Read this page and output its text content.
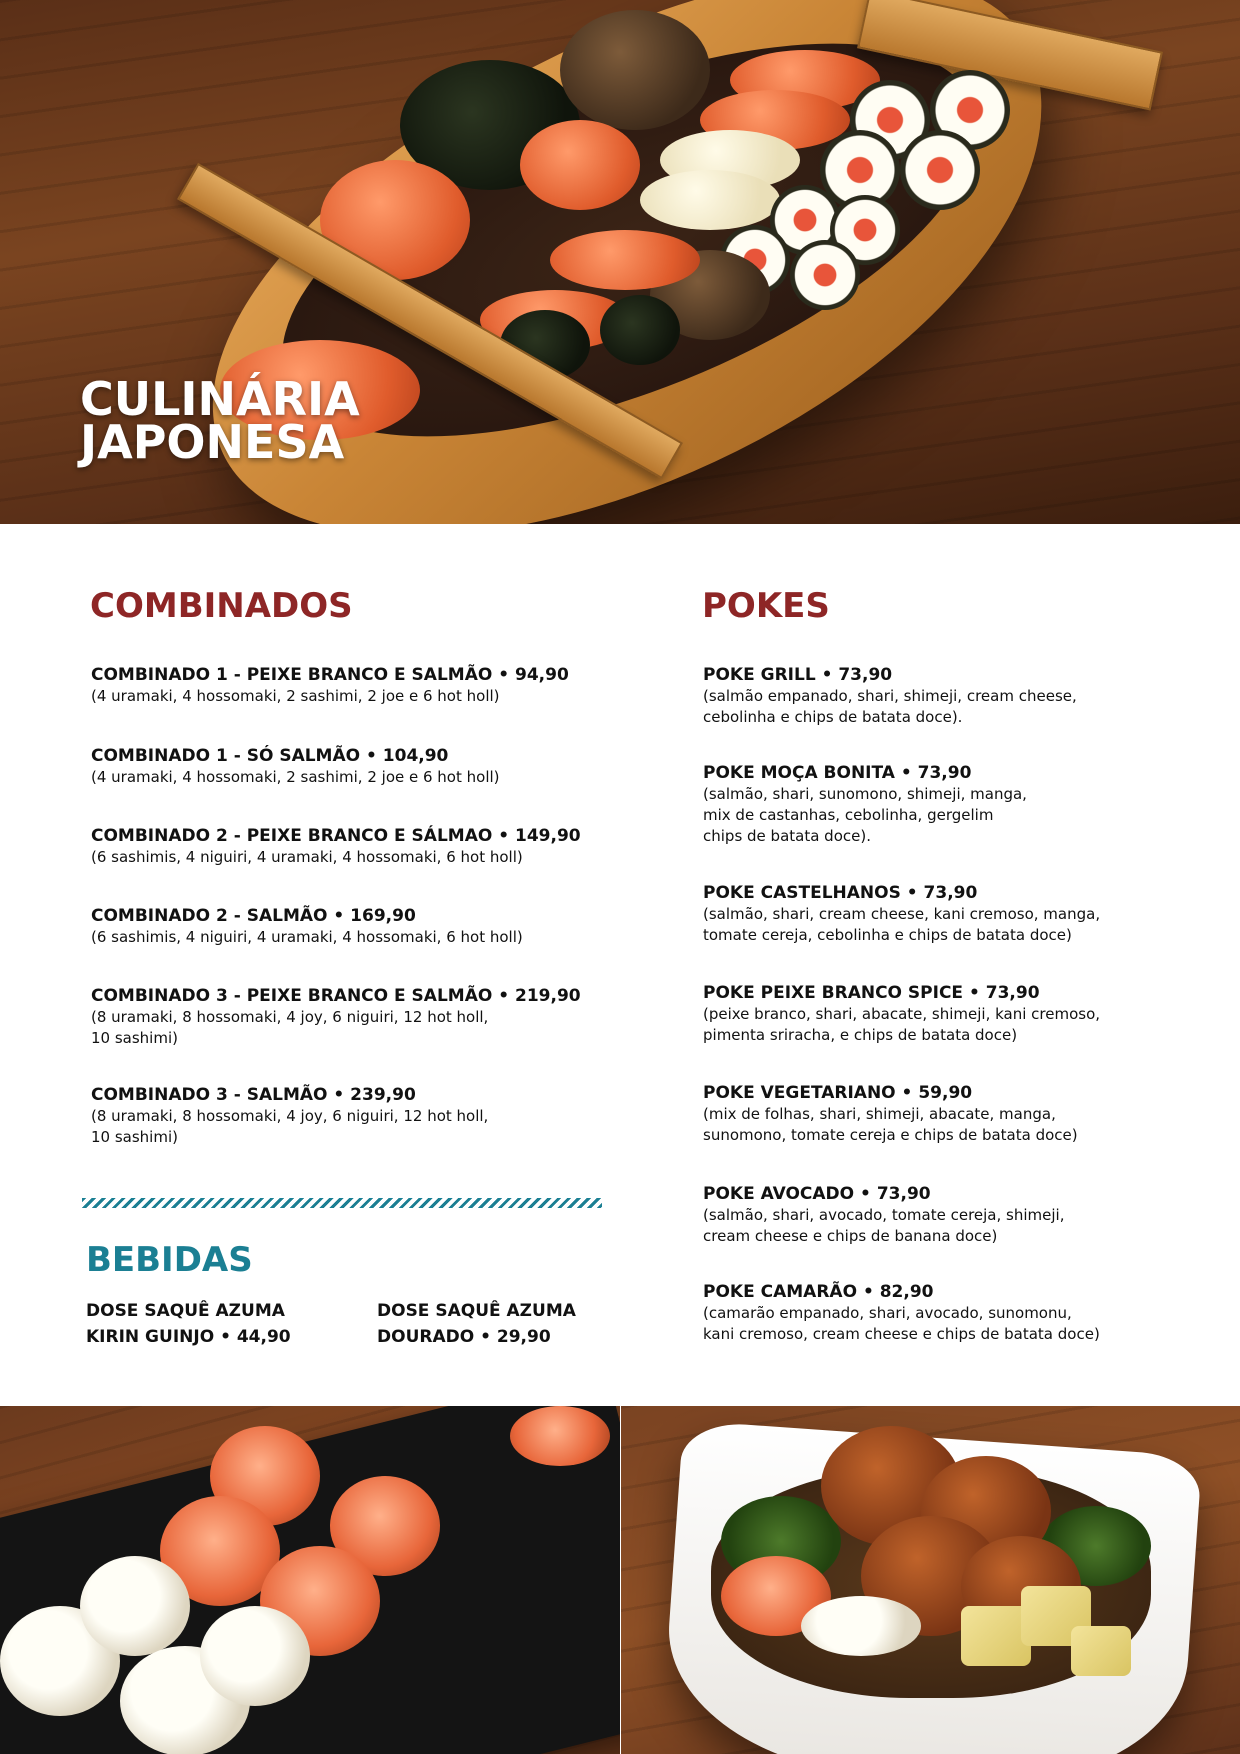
CULINÁRIA
JAPONESA
COMBINADOS
COMBINADO 1 - PEIXE BRANCO E SALMÃO • 94,90
(4 uramaki, 4 hossomaki, 2 sashimi, 2 joe e 6 hot holl)
COMBINADO 1 - SÓ SALMÃO • 104,90
(4 uramaki, 4 hossomaki, 2 sashimi, 2 joe e 6 hot holl)
COMBINADO 2 - PEIXE BRANCO E SÁLMAO • 149,90
(6 sashimis, 4 niguiri, 4 uramaki, 4 hossomaki, 6 hot holl)
COMBINADO 2 - SALMÃO • 169,90
(6 sashimis, 4 niguiri, 4 uramaki, 4 hossomaki, 6 hot holl)
COMBINADO 3 - PEIXE BRANCO E SALMÃO • 219,90
(8 uramaki, 8 hossomaki, 4 joy, 6 niguiri, 12 hot holl,
10 sashimi)
COMBINADO 3 - SALMÃO • 239,90
(8 uramaki, 8 hossomaki, 4 joy, 6 niguiri, 12 hot holl,
10 sashimi)
BEBIDAS
DOSE SAQUÊ AZUMA
KIRIN GUINJO • 44,90
DOSE SAQUÊ AZUMA
DOURADO • 29,90
POKES
POKE GRILL • 73,90
(salmão empanado, shari, shimeji, cream cheese,
cebolinha e chips de batata doce).
POKE MOÇA BONITA • 73,90
(salmão, shari, sunomono, shimeji, manga,
mix de castanhas, cebolinha, gergelim
chips de batata doce).
POKE CASTELHANOS • 73,90
(salmão, shari, cream cheese, kani cremoso, manga,
tomate cereja, cebolinha e chips de batata doce)
POKE PEIXE BRANCO SPICE • 73,90
(peixe branco, shari, abacate, shimeji, kani cremoso,
pimenta sriracha, e chips de batata doce)
POKE VEGETARIANO • 59,90
(mix de folhas, shari, shimeji, abacate, manga,
sunomono, tomate cereja e chips de batata doce)
POKE AVOCADO • 73,90
(salmão, shari, avocado, tomate cereja, shimeji,
cream cheese e chips de banana doce)
POKE CAMARÃO • 82,90
(camarão empanado, shari, avocado, sunomonu,
kani cremoso, cream cheese e chips de batata doce)
